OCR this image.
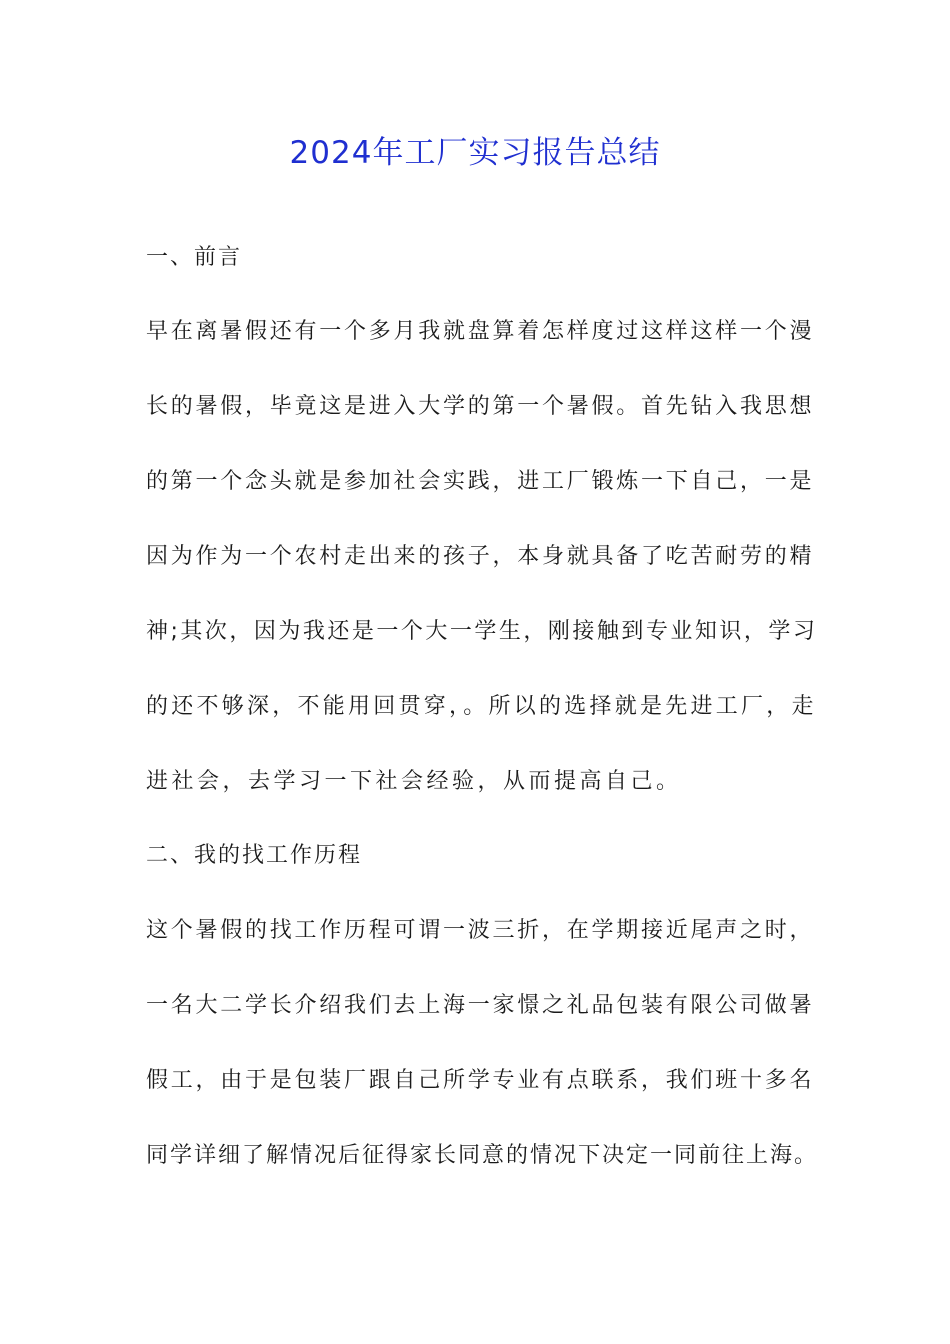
2024年工厂实习报告总结
一、前言
早在离暑假还有一个多月我就盘算着怎样度过这样这样一个漫
长的暑假，毕竟这是进入大学的第一个暑假。首先钻入我思想
的第一个念头就是参加社会实践，进工厂锻炼一下自己，一是
因为作为一个农村走出来的孩子，本身就具备了吃苦耐劳的精
神;其次，因为我还是一个大一学生，刚接触到专业知识，学习
的还不够深，不能用回贯穿，。所以的选择就是先进工厂，走
进社会，去学习一下社会经验，从而提高自己。
二、我的找工作历程
这个暑假的找工作历程可谓一波三折，在学期接近尾声之时，
一名大二学长介绍我们去上海一家憬之礼品包装有限公司做暑
假工，由于是包装厂跟自己所学专业有点联系，我们班十多名
同学详细了解情况后征得家长同意的情况下决定一同前往上海。
